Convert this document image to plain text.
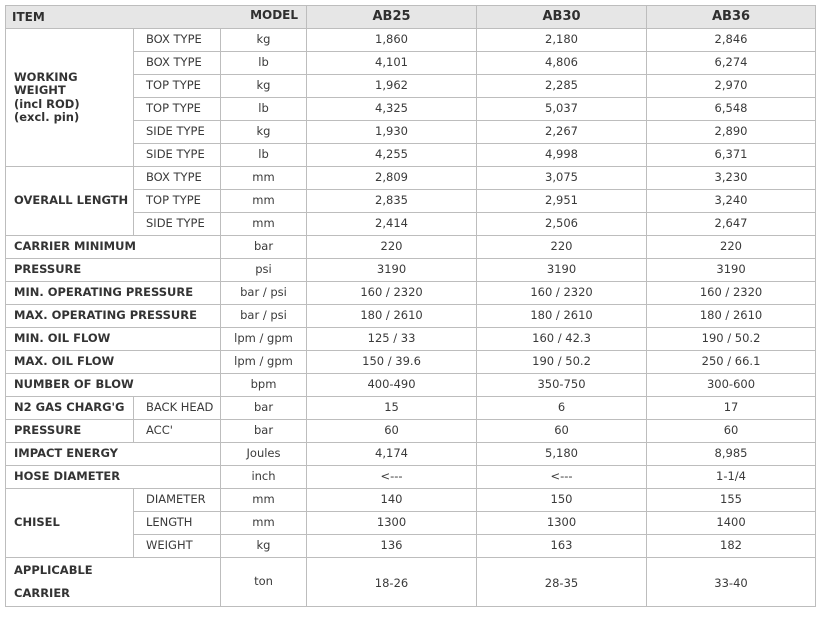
MODEL
ITEM			AB25	AB30	AB36
WORKING WEIGHT
(incl ROD)
(excl. pin)	BOX TYPE	kg	1,860	2,180	2,846
	BOX TYPE	lb	4,101	4,806	6,274
	TOP TYPE	kg	1,962	2,285	2,970
	TOP TYPE	lb	4,325	5,037	6,548
	SIDE TYPE	kg	1,930	2,267	2,890
	SIDE TYPE	lb	4,255	4,998	6,371
OVERALL LENGTH	BOX TYPE	mm	2,809	3,075	3,230
	TOP TYPE	mm	2,835	2,951	3,240
	SIDE TYPE	mm	2,414	2,506	2,647
CARRIER MINIMUM		bar	220	220	220
PRESSURE		psi	3190	3190	3190
MIN. OPERATING PRESSURE		bar / psi	160 / 2320	160 / 2320	160 / 2320
MAX. OPERATING PRESSURE		bar / psi	180 / 2610	180 / 2610	180 / 2610
MIN. OIL FLOW		lpm / gpm	125 / 33	160 / 42.3	190 / 50.2
MAX. OIL FLOW		lpm / gpm	150 / 39.6	190 / 50.2	250 / 66.1
NUMBER OF BLOW		bpm	400-490	350-750	300-600

N2 GAS CHARG'G	BACK HEAD	bar	15	6	17

PRESSURE	ACC'	bar	60	60	60
IMPACT ENERGY		Joules	4,174	5,180	8,985
HOSE DIAMETER		inch	<---	<---	1-1/4
CHISEL	DIAMETER	mm	140	150	155
	LENGTH	mm	1300	1300	1400
	WEIGHT	kg	136	163	182

APPLICABLE
CARRIER		ton	18-26	28-35	33-40
